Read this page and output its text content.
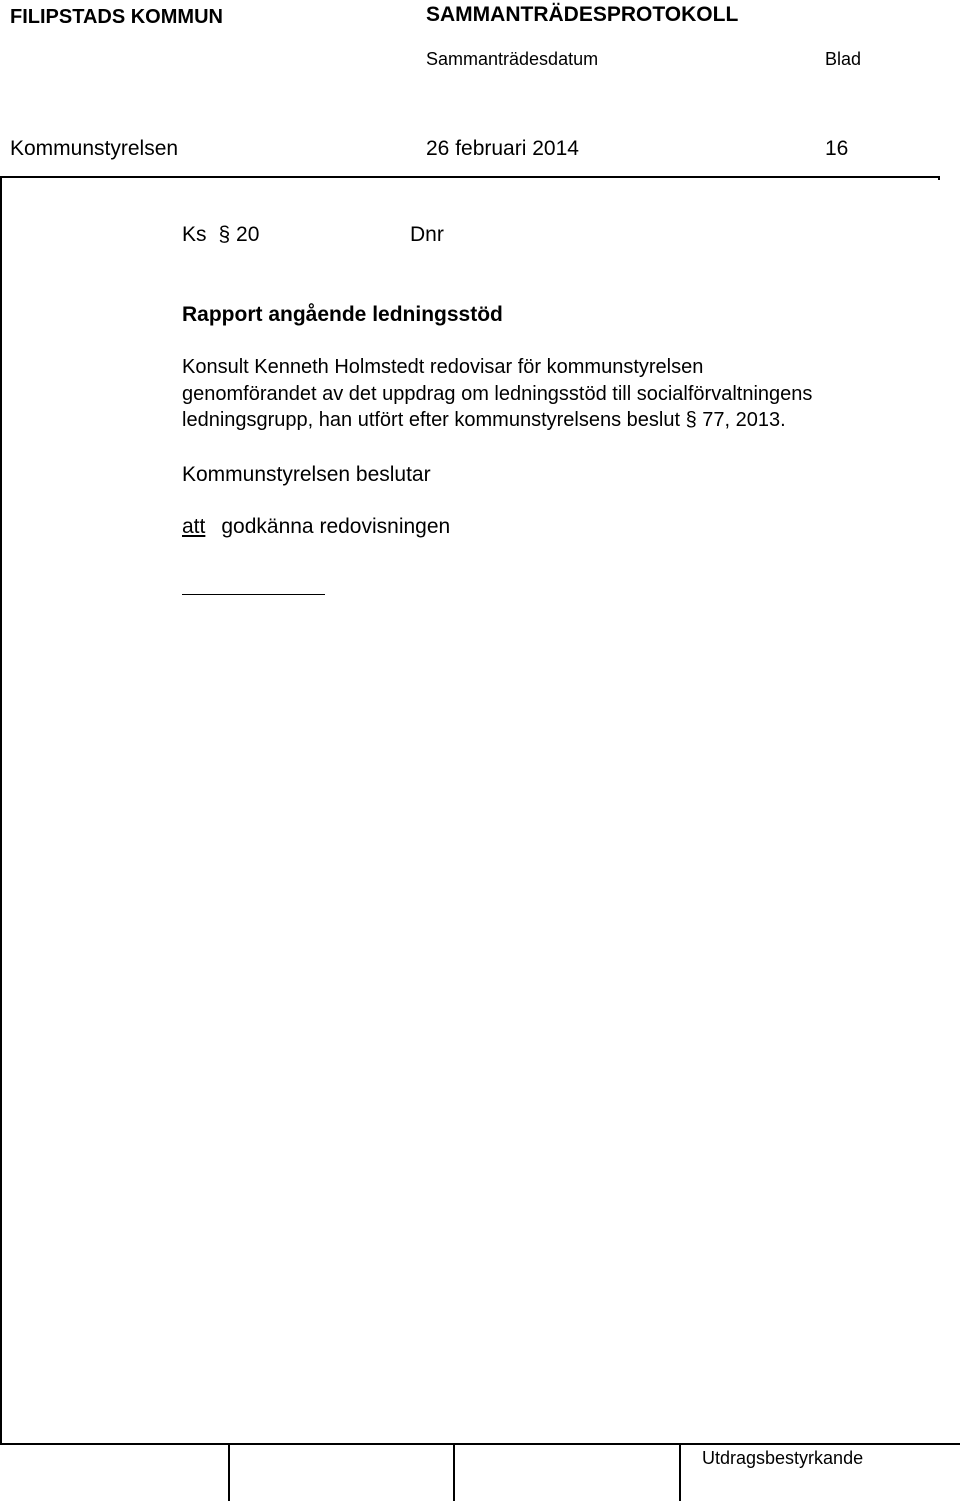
FILIPSTADS KOMMUN	SAMMANTRÄDESPROTOKOLL
Sammanträdesdatum	Blad
Kommunstyrelsen	26 februari 2014	16
Ks § 20	Dnr
Rapport angående ledningsstöd
Konsult Kenneth Holmstedt redovisar för kommunstyrelsen
genomförandet av det uppdrag om ledningsstöd till socialförvaltningens
ledningsgrupp, han utfört efter kommunstyrelsens beslut § 77, 2013.
Kommunstyrelsen beslutar
att godkänna redovisningen
Utdragsbestyrkande
